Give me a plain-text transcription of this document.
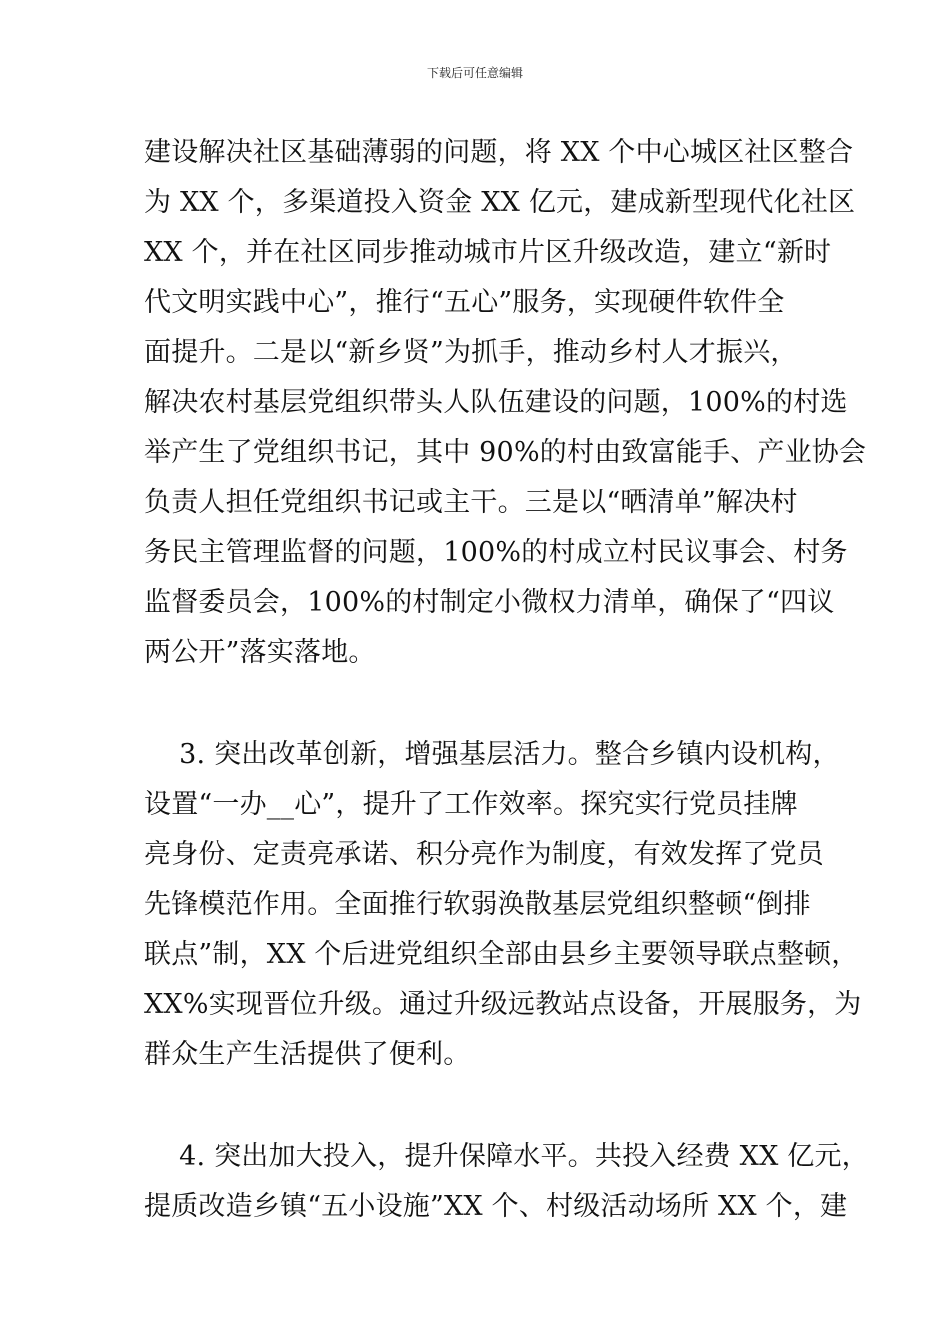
下载后可任意编辑
建设解决社区基础薄弱的问题，将 XX 个中心城区社区整合
为 XX 个，多渠道投入资金 XX 亿元，建成新型现代化社区
XX 个，并在社区同步推动城市片区升级改造，建立“新时
代文明实践中心”，推行“五心”服务，实现硬件软件全
面提升。二是以“新乡贤”为抓手，推动乡村人才振兴，
解决农村基层党组织带头人队伍建设的问题，100%的村选
举产生了党组织书记，其中 90%的村由致富能手、产业协会
负责人担任党组织书记或主干。三是以“晒清单”解决村
务民主管理监督的问题，100%的村成立村民议事会、村务
监督委员会，100%的村制定小微权力清单，确保了“四议
两公开”落实落地。
3. 突出改革创新，增强基层活力。整合乡镇内设机构，
设置“一办__心”，提升了工作效率。探究实行党员挂牌
亮身份、定责亮承诺、积分亮作为制度，有效发挥了党员
先锋模范作用。全面推行软弱涣散基层党组织整顿“倒排
联点”制，XX 个后进党组织全部由县乡主要领导联点整顿，
XX%实现晋位升级。通过升级远教站点设备，开展服务，为
群众生产生活提供了便利。
4. 突出加大投入，提升保障水平。共投入经费 XX 亿元，
提质改造乡镇“五小设施”XX 个、村级活动场所 XX 个，建
